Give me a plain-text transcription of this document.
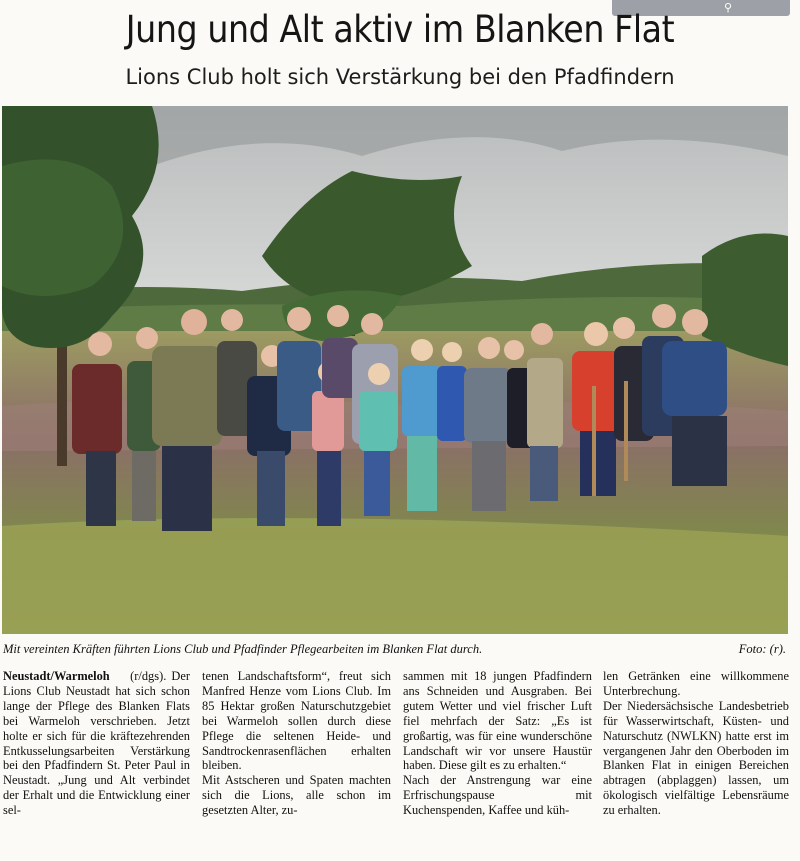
⚲
Jung und Alt aktiv im Blanken Flat
Lions Club holt sich Verstärkung bei den Pfadfindern
Mit vereinten Kräften führten Lions Club und Pfadfinder Pflegearbeiten im Blanken Flat durch.	Foto: (r).

Neustadt/Warmeloh (r/dgs). Der Lions Club Neustadt hat sich schon lange der Pflege des Blanken Flats bei Warmeloh verschrieben. Jetzt holte er sich für die kräftezehrenden Entkusselungsarbeiten Verstärkung bei den Pfadfindern St. Peter Paul in Neustadt. „Jung und Alt verbindet der Erhalt und die Entwicklung einer sel-

tenen Landschaftsform“, freut sich Manfred Henze vom Lions Club. Im 85 Hektar großen Naturschutzgebiet bei Warmeloh sollen durch diese Pflege die seltenen Heide- und Sandtrockenrasenflächen erhalten bleiben.

Mit Astscheren und Spaten machten sich die Lions, alle schon im gesetzten Alter, zu-

sammen mit 18 jungen Pfadfindern ans Schneiden und Ausgraben. Bei gutem Wetter und viel frischer Luft fiel mehrfach der Satz: „Es ist großartig, was für eine wunderschöne Landschaft wir vor unsere Haustür haben. Diese gilt es zu erhalten.“

Nach der Anstrengung war eine Erfrischungspause mit Kuchenspenden, Kaffee und küh-

len Getränken eine willkommene Unterbrechung.

Der Niedersächsische Landesbetrieb für Wasserwirtschaft, Küsten- und Naturschutz (NWLKN) hatte erst im vergangenen Jahr den Oberboden im Blanken Flat in einigen Bereichen abtragen (abplaggen) lassen, um ökologisch vielfältige Lebensräume zu erhalten.
